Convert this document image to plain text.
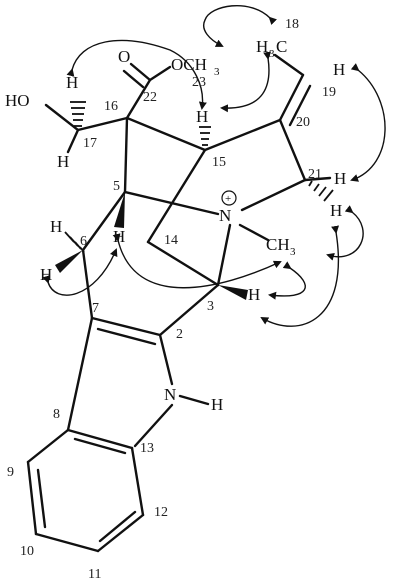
HO
H
H
O OCH 3
H
H 3 C
H
H
H
N
+
CH 3
H
H
H
H
N
H
2
3
5
6
7
8
9
10
11
12
13
14
15
16
17
18
19
20
21
22
23
